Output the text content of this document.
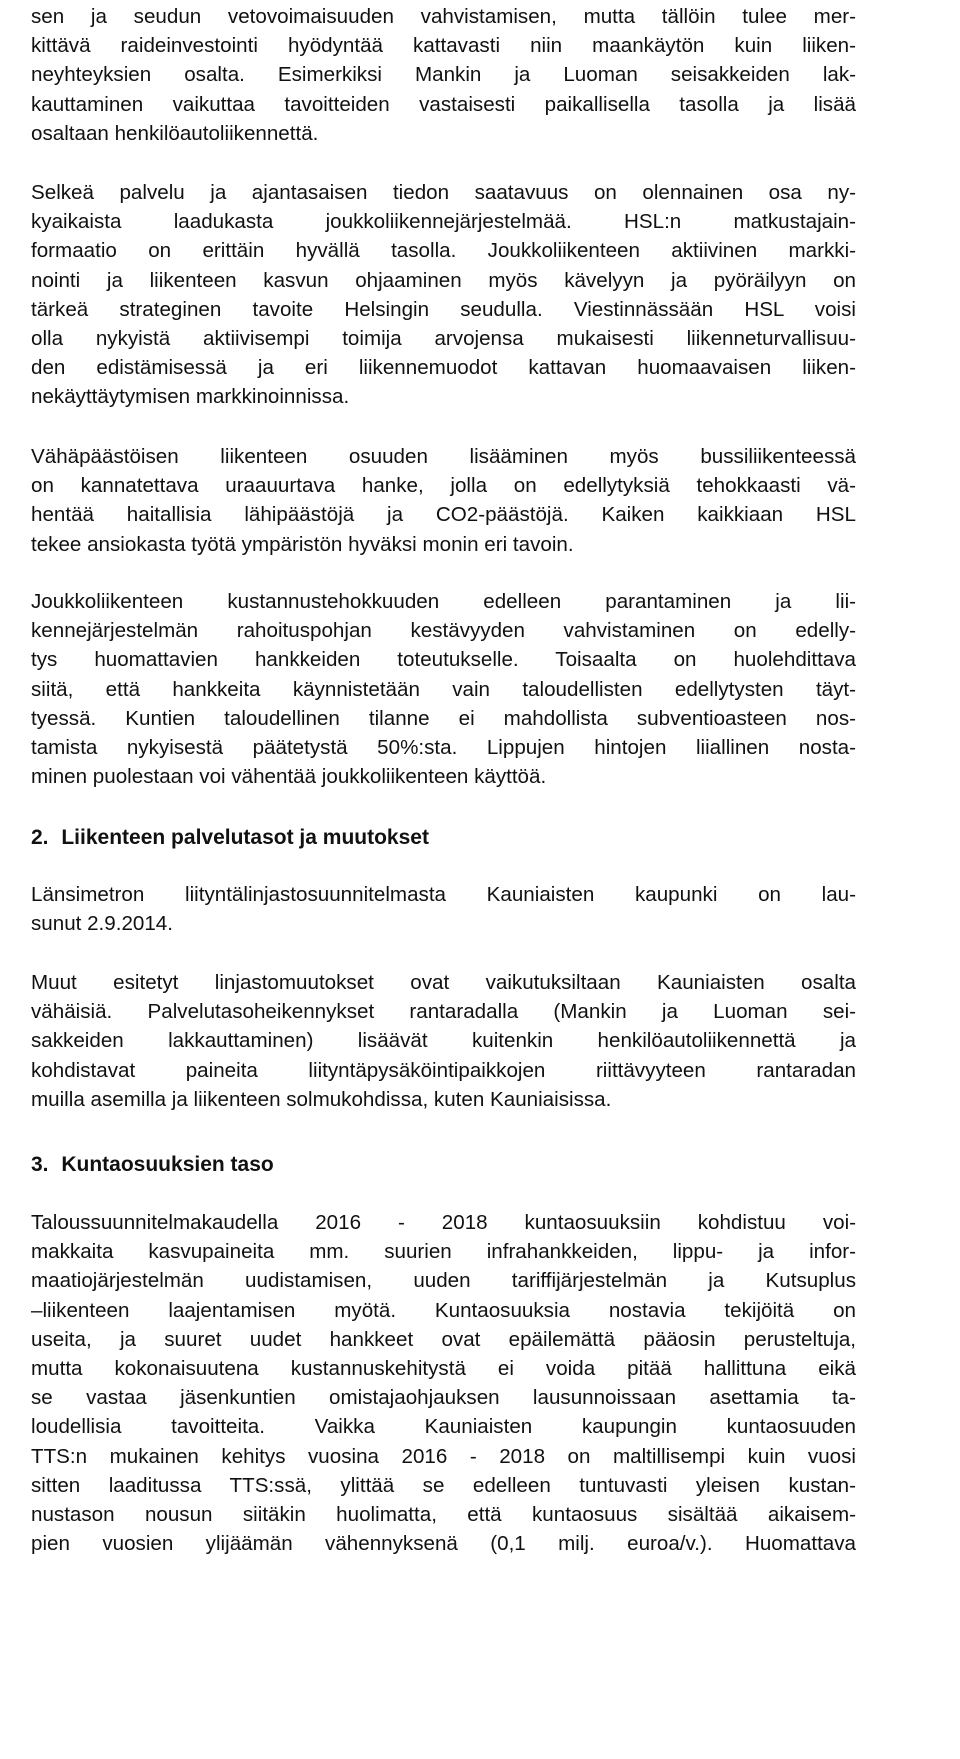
sen ja seudun vetovoimaisuuden vahvistamisen, mutta tällöin tulee mer-
kittävä raideinvestointi hyödyntää kattavasti niin maankäytön kuin liiken-
neyhteyksien osalta. Esimerkiksi Mankin ja Luoman seisakkeiden lak-
kauttaminen vaikuttaa tavoitteiden vastaisesti paikallisella tasolla ja lisää
osaltaan henkilöautoliikennettä.
Selkeä palvelu ja ajantasaisen tiedon saatavuus on olennainen osa ny-
kyaikaista laadukasta joukkoliikennejärjestelmää. HSL:n matkustajain-
formaatio on erittäin hyvällä tasolla. Joukkoliikenteen aktiivinen markki-
nointi ja liikenteen kasvun ohjaaminen myös kävelyyn ja pyöräilyyn on
tärkeä strateginen tavoite Helsingin seudulla. Viestinnässään HSL voisi
olla nykyistä aktiivisempi toimija arvojensa mukaisesti liikenneturvallisuu-
den edistämisessä ja eri liikennemuodot kattavan huomaavaisen liiken-
nekäyttäytymisen markkinoinnissa.
Vähäpäästöisen liikenteen osuuden lisääminen myös bussiliikenteessä
on kannatettava uraauurtava hanke, jolla on edellytyksiä tehokkaasti vä-
hentää haitallisia lähipäästöjä ja CO2-päästöjä. Kaiken kaikkiaan HSL
tekee ansiokasta työtä ympäristön hyväksi monin eri tavoin.
Joukkoliikenteen kustannustehokkuuden edelleen parantaminen ja lii-
kennejärjestelmän rahoituspohjan kestävyyden vahvistaminen on edelly-
tys huomattavien hankkeiden toteutukselle. Toisaalta on huolehdittava
siitä, että hankkeita käynnistetään vain taloudellisten edellytysten täyt-
tyessä. Kuntien taloudellinen tilanne ei mahdollista subventioasteen nos-
tamista nykyisestä päätetystä 50%:sta. Lippujen hintojen liiallinen nosta-
minen puolestaan voi vähentää joukkoliikenteen käyttöä.
2. Liikenteen palvelutasot ja muutokset
Länsimetron liityntälinjastosuunnitelmasta Kauniaisten kaupunki on lau-
sunut 2.9.2014.
Muut esitetyt linjastomuutokset ovat vaikutuksiltaan Kauniaisten osalta
vähäisiä. Palvelutasoheikennykset rantaradalla (Mankin ja Luoman sei-
sakkeiden lakkauttaminen) lisäävät kuitenkin henkilöautoliikennettä ja
kohdistavat paineita liityntäpysäköintipaikkojen riittävyyteen rantaradan
muilla asemilla ja liikenteen solmukohdissa, kuten Kauniaisissa.
3. Kuntaosuuksien taso
Taloussuunnitelmakaudella 2016 - 2018 kuntaosuuksiin kohdistuu voi-
makkaita kasvupaineita mm. suurien infrahankkeiden, lippu- ja infor-
maatiojärjestelmän uudistamisen, uuden tariffijärjestelmän ja Kutsuplus
–liikenteen laajentamisen myötä. Kuntaosuuksia nostavia tekijöitä on
useita, ja suuret uudet hankkeet ovat epäilemättä pääosin perusteltuja,
mutta kokonaisuutena kustannuskehitystä ei voida pitää hallittuna eikä
se vastaa jäsenkuntien omistajaohjauksen lausunnoissaan asettamia ta-
loudellisia tavoitteita. Vaikka Kauniaisten kaupungin kuntaosuuden
TTS:n mukainen kehitys vuosina 2016 - 2018 on maltillisempi kuin vuosi
sitten laaditussa TTS:ssä, ylittää se edelleen tuntuvasti yleisen kustan-
nustason nousun siitäkin huolimatta, että kuntaosuus sisältää aikaisem-
pien vuosien ylijäämän vähennyksenä (0,1 milj. euroa/v.). Huomattava
